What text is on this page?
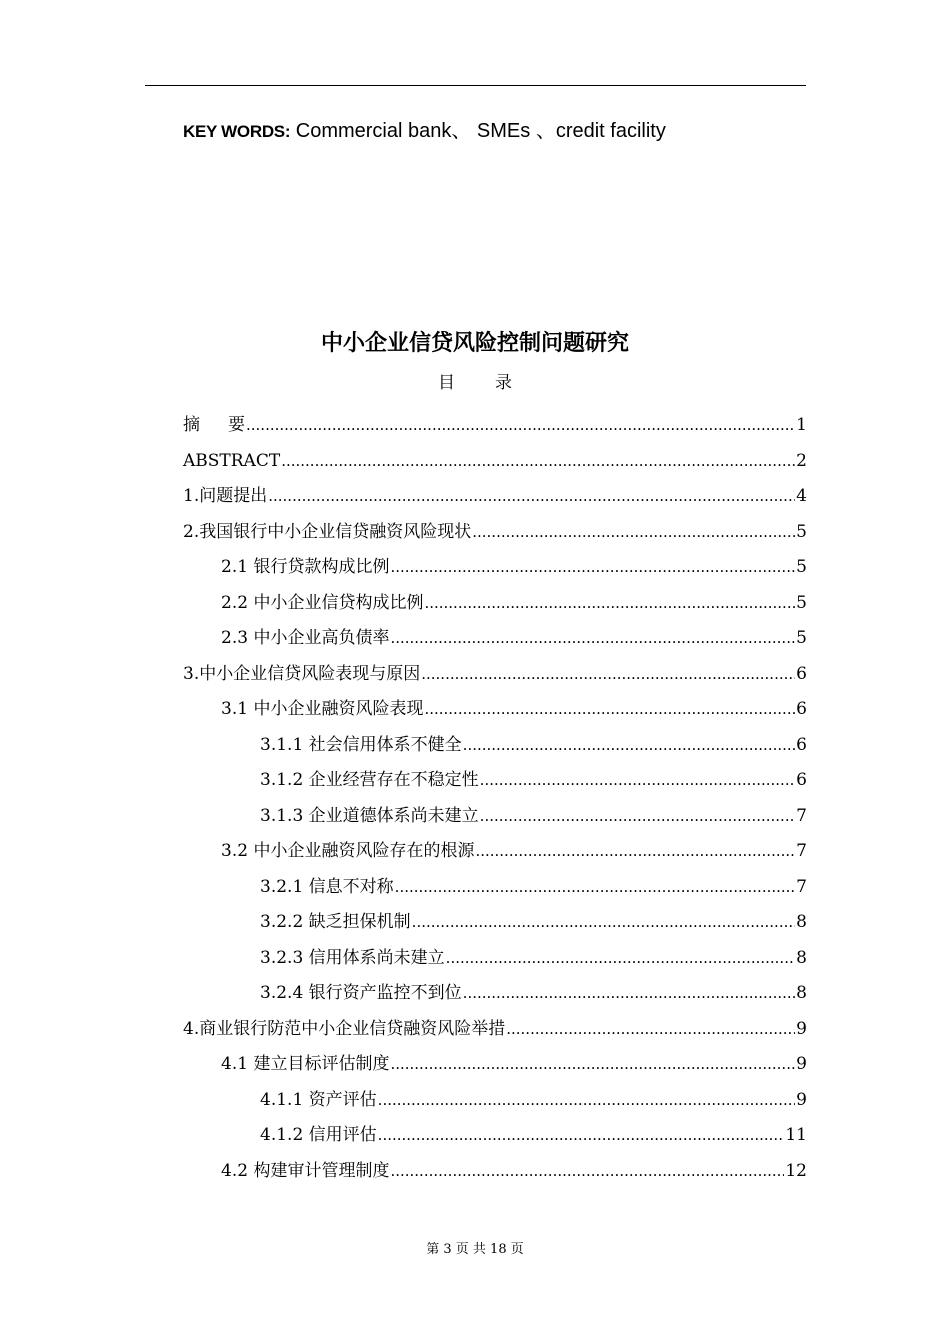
KEY WORDS: Commercial bank、 SMEs 、credit facility
中小企业信贷风险控制问题研究
目录
摘要 .....	1
ABSTRACT .....	2
1.问题提出 .....	4
2.我国银行中小企业信贷融资风险现状 .....	5
2.1 银行贷款构成比例 .....	5
2.2 中小企业信贷构成比例 .....	5
2.3 中小企业高负债率 .....	5
3.中小企业信贷风险表现与原因 .....	6
3.1 中小企业融资风险表现 .....	6
3.1.1 社会信用体系不健全 .....	6
3.1.2 企业经营存在不稳定性 .....	6
3.1.3 企业道德体系尚未建立 .....	7
3.2 中小企业融资风险存在的根源 .....	7
3.2.1 信息不对称 .....	7
3.2.2 缺乏担保机制 .....	8
3.2.3 信用体系尚未建立 .....	8
3.2.4 银行资产监控不到位 .....	8
4.商业银行防范中小企业信贷融资风险举措 .....	9
4.1 建立目标评估制度 .....	9
4.1.1 资产评估 .....	9
4.1.2 信用评估 .....	11
4.2 构建审计管理制度 .....	12
第 3 页 共 18 页
